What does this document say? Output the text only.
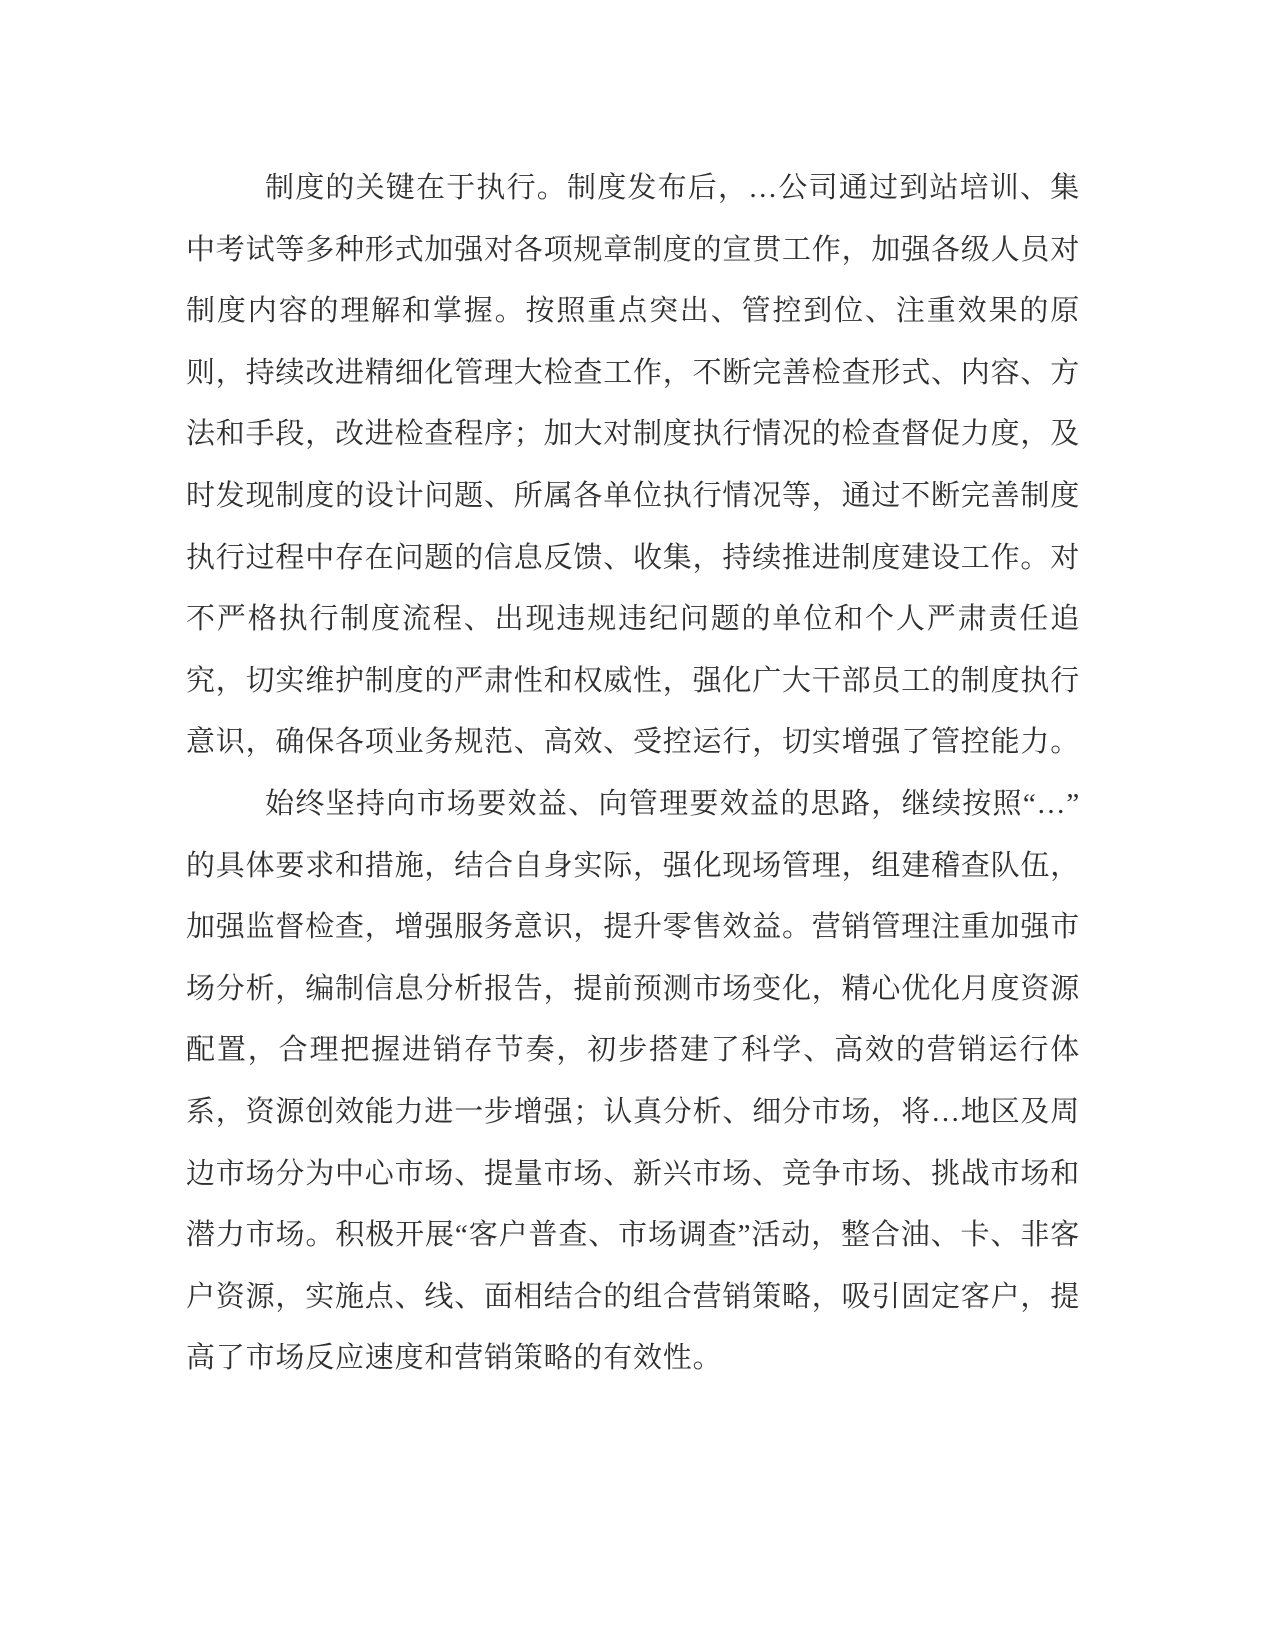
制度的关键在于执行。制度发布后，…公司通过到站培训、集中考试等多种形式加强对各项规章制度的宣贯工作，加强各级人员对制度内容的理解和掌握。按照重点突出、管控到位、注重效果的原则，持续改进精细化管理大检查工作，不断完善检查形式、内容、方法和手段，改进检查程序；加大对制度执行情况的检查督促力度，及时发现制度的设计问题、所属各单位执行情况等，通过不断完善制度执行过程中存在问题的信息反馈、收集，持续推进制度建设工作。对不严格执行制度流程、出现违规违纪问题的单位和个人严肃责任追究，切实维护制度的严肃性和权威性，强化广大干部员工的制度执行意识，确保各项业务规范、高效、受控运行，切实增强了管控能力。

始终坚持向市场要效益、向管理要效益的思路，继续按照“…”的具体要求和措施，结合自身实际，强化现场管理，组建稽查队伍，加强监督检查，增强服务意识，提升零售效益。营销管理注重加强市场分析，编制信息分析报告，提前预测市场变化，精心优化月度资源配置，合理把握进销存节奏，初步搭建了科学、高效的营销运行体系，资源创效能力进一步增强；认真分析、细分市场，将…地区及周边市场分为中心市场、提量市场、新兴市场、竞争市场、挑战市场和潜力市场。积极开展“客户普查、市场调查”活动，整合油、卡、非客户资源，实施点、线、面相结合的组合营销策略，吸引固定客户，提高了市场反应速度和营销策略的有效性。
